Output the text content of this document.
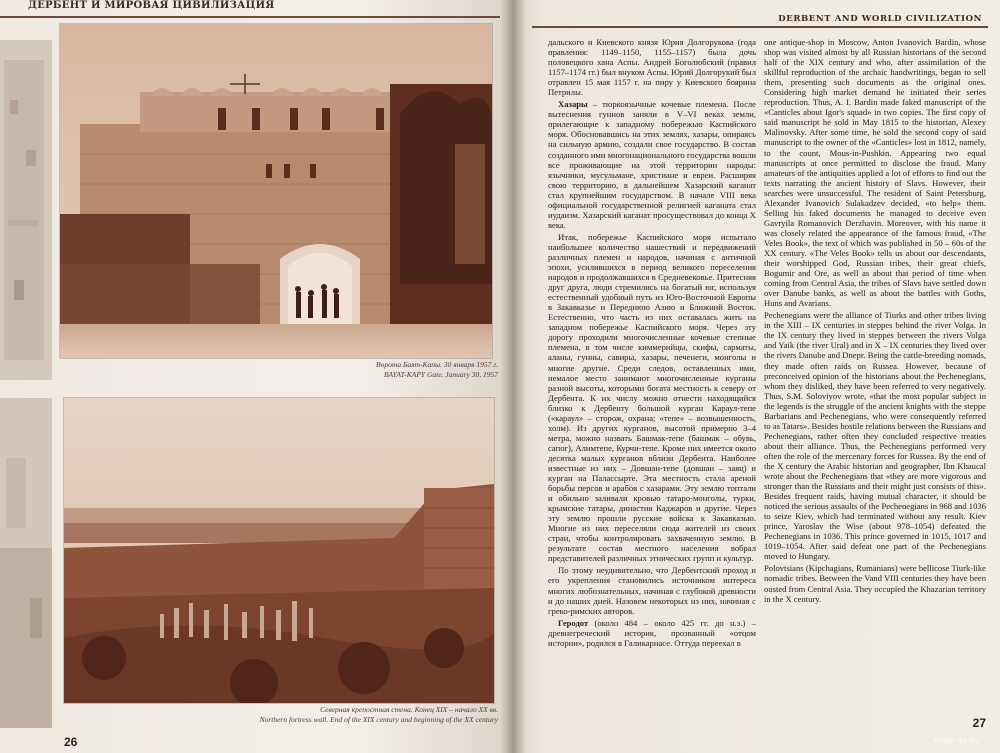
ДЕРБЕНТ И МИРОВАЯ ЦИВИЛИЗАЦИЯ
Ворота Баят-Капы. 30 января 1957 г.
BAYAT-KAPY Gate. January 30, 1957
Северная крепостная стена. Конец XIX – начало XX вв.
Northern fortress wall. End of the XIX century and beginning of the XX century
26
DERBENT AND WORLD CIVILIZATION
27

дальского и Киевского князя Юрия Долгорукова (года правления: 1149–1150, 1155–1157) была дочь половецкого хана Аспы. Андрей Боголюбский (правил 1157–1174 гг.) был внуком Аспы. Юрий Долгорукий был отравлен 15 мая 1157 г. на пиру у Киевского боярина Петрилы.

Хазары – тюркоязычные кочевые племена. После вытеснения гуннов заняли в V–VI веках земли, прилегающие к западному побережью Каспийского моря. Обосновавшись на этих землях, хазары, опираясь на сильную армию, создали свое государство. В состав созданного ими многонационального государства вошли все проживающие на этой территории народы: язычники, мусульмане, христиане и евреи. Расширяя свою территорию, в дальнейшем Хазарский каганат стал крупнейшим государством. В начале VIII века официальной государственной религией каганата стал иудаизм. Хазарский каганат просуществовал до конца X века.

Итак, побережье Каспийского моря испытало наибольшее количество нашествий и передвижений различных племен и народов, начиная с античной эпохи, усилившихся в период великого переселения народов и продолжавшихся в Средневековье. Притесняя друг друга, люди стремились на богатый юг, используя естественный удобный путь из Юго-Восточной Европы в Закавказье и Переднюю Азию и Ближний Восток. Естественно, что часть из них оставалась жить на западном побережье Каспийского моря. Через эту дорогу проходили многочисленные кочевые степные племена, в том числе киммерийцы, скифы, сарматы, аланы, гунны, савиры, хазары, печенеги, монголы и многие другие. Среди следов, оставленных ими, немалое место занимают многочисленные курганы разной высоты, которыми богата местность к северу от Дербента. К их числу можно отнести находящийся близко к Дербенту большой курган Караул-тепе («караул» – сторож, охрана; «тепе» – возвышенность, холм). Из других курганов, высотой примерно 3–4 метра, можно назвать Башмак-тепе (башмак – обувь, сапог), Алимтепе, Курчи-тепе. Кроме них имеется около десятка малых курганов вблизи Дербента. Наиболее известные из них – Довшан-тепе (довшан – заяц) и курган на Палассырте. Эта местность стала ареной борьбы персов и арабов с хазарами. Эту землю топтали и обильно заливали кровью татаро-монголы, турки, крымские татары, династия Каджаров и другие. Через эту землю прошли русские войска к Закавказью. Многие из них переселяли сюда жителей из своих стран, чтобы контролировать захваченную землю. В результате состав местного населения вобрал представителей различных этнических групп и культур.

По этому неудивительно, что Дербентский проход и его укрепления становились источником интереса многих любознательных, начиная с глубокой древности и до наших дней. Назовем некоторых из них, начиная с греко-римских авторов.

Геродот (около 484 – около 425 гг. до н.э.) – древнегреческий историк, прозванный «отцом истории», родился в Галикарнасе. Оттуда переехал в

one antique-shop in Moscow, Anton Ivanovich Bardin, whose shop was visited almost by all Russian historians of the second half of the XIX century and who, after assimilation of the skillful reproduction of the archaic handwritings, began to sell them, presenting such documents as the original ones. Considering high market demand he initiated their series reproduction. Thus, A. I. Bardin made faked manuscript of the «Canticles about Igor's squad» in two copies. The first copy of said manuscript he sold in May 1815 to the historian, Alexey Malinovsky. After some time, he sold the second copy of said manuscript to the owner of the «Canticles» lost in 1812, namely, to the count, Mous-in-Pushkin. Appearing two equal manuscripts at once permitted to disclose the fraud. Many amateurs of the antiquities applied a lot of efforts to find out the texts narrating the ancient history of Slavs. However, their searches were unsuccessful. The resident of Saint Petersburg, Alexander Ivanovich Sulakadzev decided, «to help» them. Selling his faked documents he managed to deceive even Gavryila Romanovich Derzhavin. Moreover, with his name it was closely related the appearance of the famous fraud, «The Veles Book», the text of which was published in 50 – 60s of the XX century. «The Veles Book» tells us about our descendants, their worshipped God, Russian tribes, their great chiefs, Bogumir and Ore, as well as about that period of time when coming from Central Asia, the tribes of Slavs have settled down over Danube banks, as well as about the battles with Goths, Huns and Avarians.

Pechenegians were the alliance of Tiurks and other tribes living in the XIII – IX centuries in steppes behind the river Volga. In the IX century they lived in steppes between the rivers Volga and Yaik (the river Ural) and in X – IX centuries they lived over the rivers Danube and Dnepr. Being the cattle-breeding nomads, they made often raids on Russea. However, because of preconceived opinion of the historians about the Pechenegians, whom they disliked, they have been referred to very negatively. Thus, S.M. Soloviyov wrote, «that the most popular subject in the legends is the struggle of the ancient knights with the steppe Barbarians and Pechenegians, who were consequently referred to as Tatars». Besides hostile relations between the Russians and Pechenegians, rather often they concluded respective treaties about their alliance. Thus, the Pechenegians performed very often the role of the mercenary forces for Russea. By the end of the X century the Arabic historian and geographer, Ibn Khaucal wrote about the Pechenegians that «they are more vigorous and stronger than the Russians and their might just consists of this». Besides frequent raids, having mutual character, it should be noticed the serious assaults of the Pechenegians in 968 and 1036 to seize Kiev, which had terminated without any result. Kiev prince, Yaroslav the Wise (about 978–1054) defeated the Pechenegians in 1036. This prince governed in 1015, 1017 and 1019–1054. After said defeat one part of the Pechenegians moved to Hungary.

Polovtsians (Kipchagians, Rumanians) were bellicose Tiurk-like nomadic tribes. Between the Vand VIII centuries they have been ousted from Central Asia. They occupied the Khazarian territory in the X century.

www.ay.by
